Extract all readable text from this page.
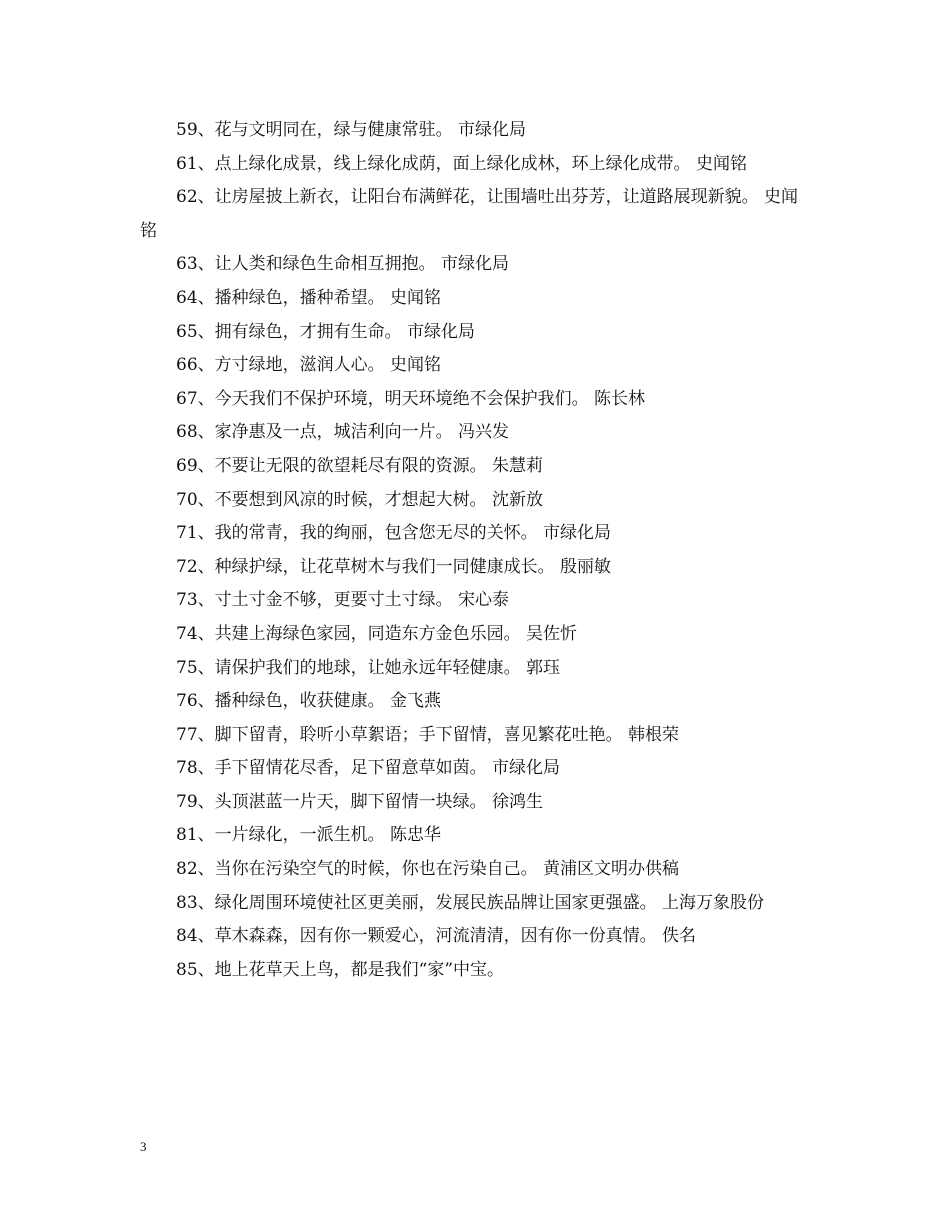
59、花与文明同在，绿与健康常驻。 市绿化局

61、点上绿化成景，线上绿化成荫，面上绿化成林，环上绿化成带。 史闻铭

62、让房屋披上新衣，让阳台布满鲜花，让围墙吐出芬芳，让道路展现新貌。 史闻铭

63、让人类和绿色生命相互拥抱。 市绿化局

64、播种绿色，播种希望。 史闻铭

65、拥有绿色，才拥有生命。 市绿化局

66、方寸绿地，滋润人心。 史闻铭

67、今天我们不保护环境，明天环境绝不会保护我们。 陈长林

68、家净惠及一点，城洁利向一片。 冯兴发

69、不要让无限的欲望耗尽有限的资源。 朱慧莉

70、不要想到风凉的时候，才想起大树。 沈新放

71、我的常青，我的绚丽，包含您无尽的关怀。 市绿化局

72、种绿护绿，让花草树木与我们一同健康成长。 殷丽敏

73、寸土寸金不够，更要寸土寸绿。 宋心泰

74、共建上海绿色家园，同造东方金色乐园。 吴佐忻

75、请保护我们的地球，让她永远年轻健康。 郭珏

76、播种绿色，收获健康。 金飞燕

77、脚下留青，聆听小草絮语；手下留情，喜见繁花吐艳。 韩根荣

78、手下留情花尽香，足下留意草如茵。 市绿化局

79、头顶湛蓝一片天，脚下留情一块绿。 徐鸿生

81、一片绿化，一派生机。 陈忠华

82、当你在污染空气的时候，你也在污染自己。 黄浦区文明办供稿

83、绿化周围环境使社区更美丽，发展民族品牌让国家更强盛。 上海万象股份

84、草木森森，因有你一颗爱心，河流清清，因有你一份真情。 佚名

85、地上花草天上鸟，都是我们“家”中宝。

3
